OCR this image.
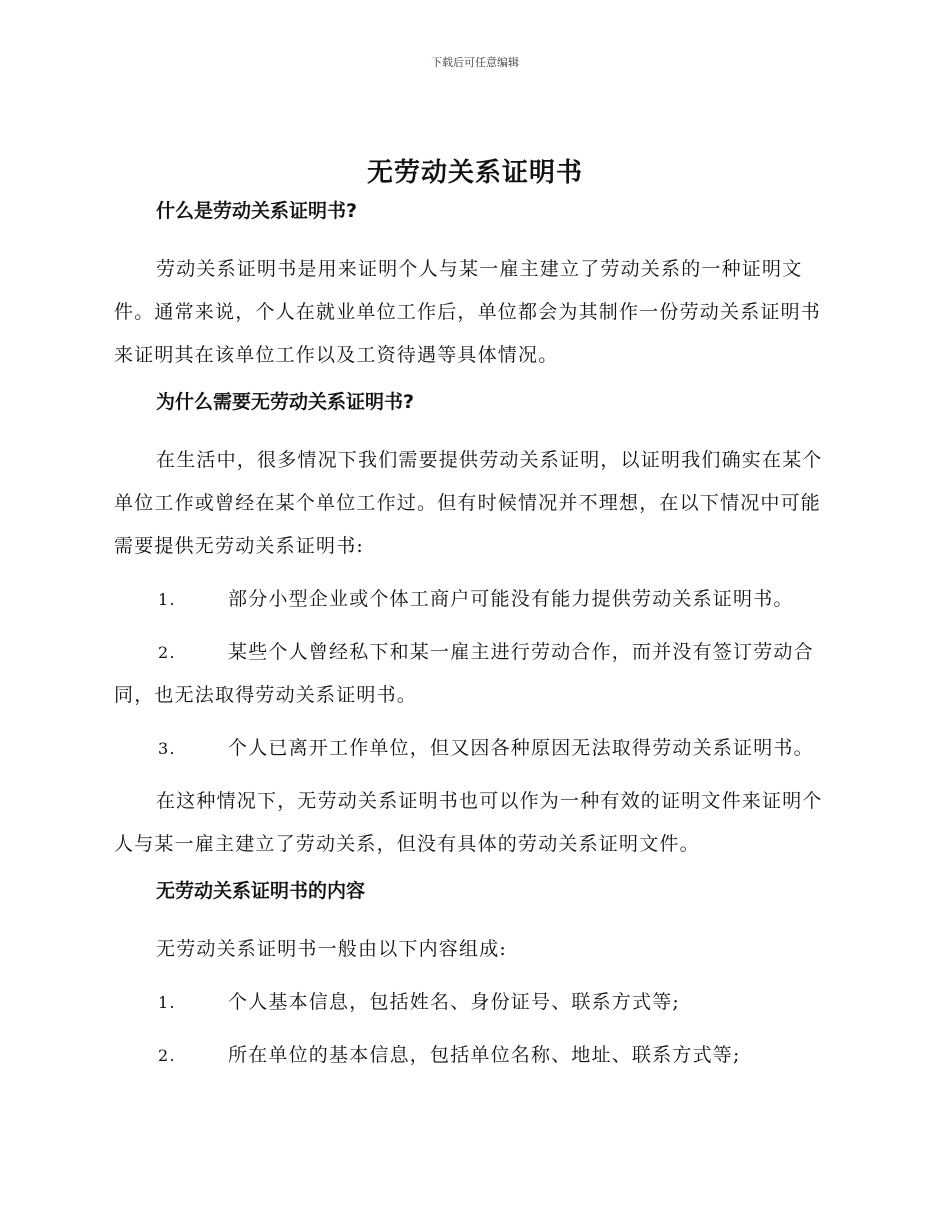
下载后可任意编辑
无劳动关系证明书
什么是劳动关系证明书?
劳动关系证明书是用来证明个人与某一雇主建立了劳动关系的一种证明文件。通常来说，个人在就业单位工作后，单位都会为其制作一份劳动关系证明书来证明其在该单位工作以及工资待遇等具体情况。
为什么需要无劳动关系证明书?
在生活中，很多情况下我们需要提供劳动关系证明，以证明我们确实在某个单位工作或曾经在某个单位工作过。但有时候情况并不理想，在以下情况中可能需要提供无劳动关系证明书:
1.	部分小型企业或个体工商户可能没有能力提供劳动关系证明书。
2.	某些个人曾经私下和某一雇主进行劳动合作，而并没有签订劳动合同，也无法取得劳动关系证明书。
3.	个人已离开工作单位，但又因各种原因无法取得劳动关系证明书。
在这种情况下，无劳动关系证明书也可以作为一种有效的证明文件来证明个人与某一雇主建立了劳动关系，但没有具体的劳动关系证明文件。
无劳动关系证明书的内容
无劳动关系证明书一般由以下内容组成:
1.	个人基本信息，包括姓名、身份证号、联系方式等;
2.	所在单位的基本信息，包括单位名称、地址、联系方式等;
